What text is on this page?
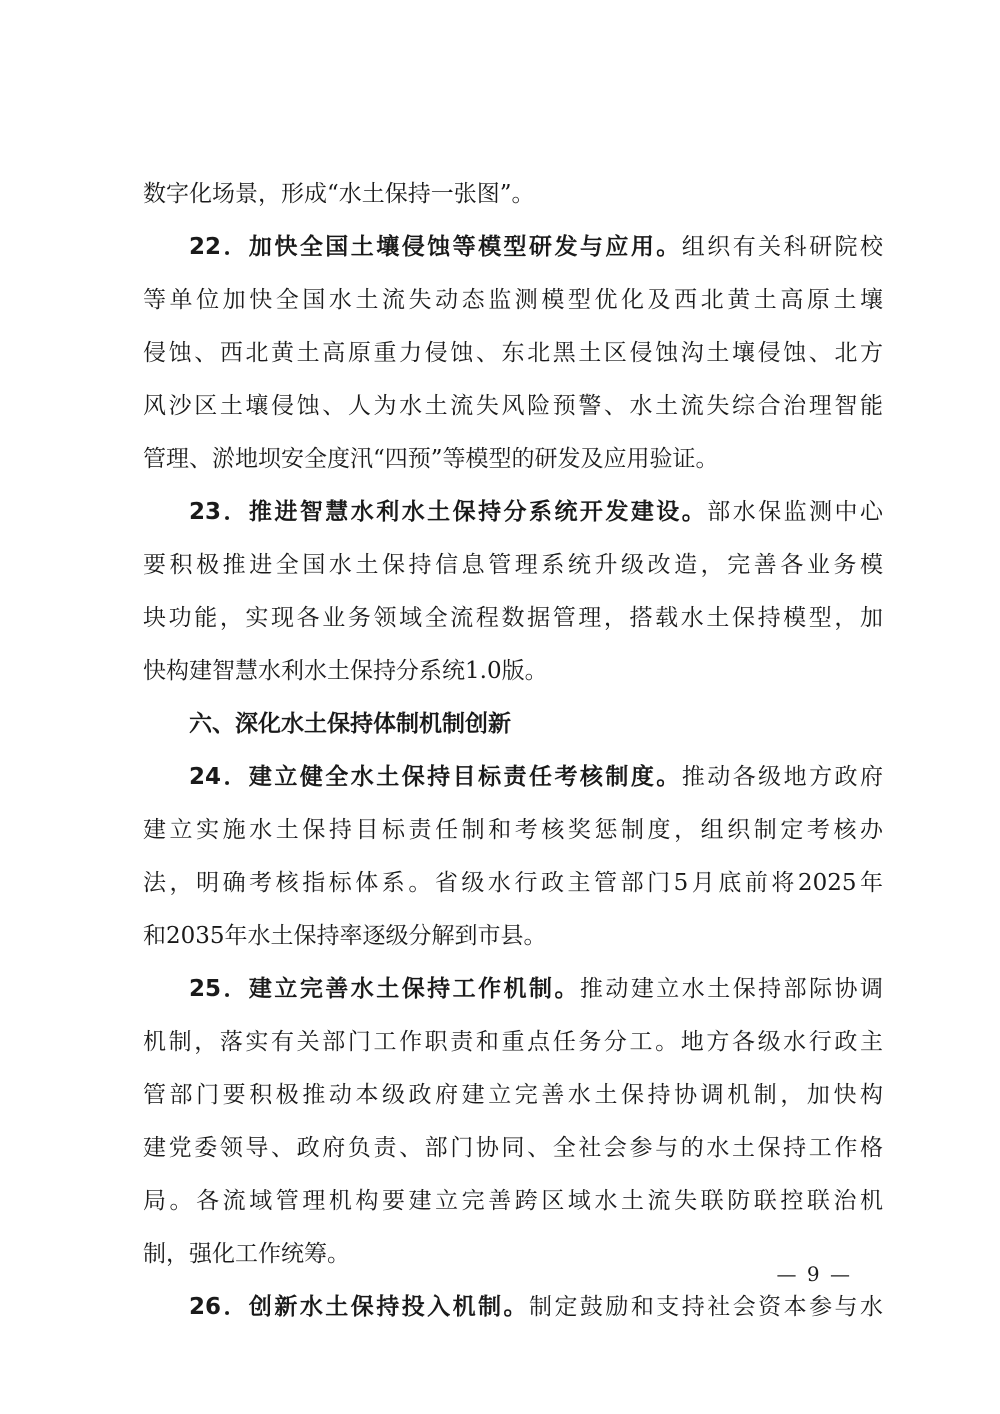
数字化场景，形成“水土保持一张图”。
22．加快全国土壤侵蚀等模型研发与应用。组织有关科研院校
等单位加快全国水土流失动态监测模型优化及西北黄土高原土壤
侵蚀、西北黄土高原重力侵蚀、东北黑土区侵蚀沟土壤侵蚀、北方
风沙区土壤侵蚀、人为水土流失风险预警、水土流失综合治理智能
管理、淤地坝安全度汛“四预”等模型的研发及应用验证。
23．推进智慧水利水土保持分系统开发建设。部水保监测中心
要积极推进全国水土保持信息管理系统升级改造，完善各业务模
块功能，实现各业务领域全流程数据管理，搭载水土保持模型，加
快构建智慧水利水土保持分系统1.0版。
六、深化水土保持体制机制创新
24．建立健全水土保持目标责任考核制度。推动各级地方政府
建立实施水土保持目标责任制和考核奖惩制度，组织制定考核办
法，明确考核指标体系。省级水行政主管部门5月底前将2025年
和2035年水土保持率逐级分解到市县。
25．建立完善水土保持工作机制。推动建立水土保持部际协调
机制，落实有关部门工作职责和重点任务分工。地方各级水行政主
管部门要积极推动本级政府建立完善水土保持协调机制，加快构
建党委领导、政府负责、部门协同、全社会参与的水土保持工作格
局。各流域管理机构要建立完善跨区域水土流失联防联控联治机
制，强化工作统筹。
26．创新水土保持投入机制。制定鼓励和支持社会资本参与水
— 9 —
